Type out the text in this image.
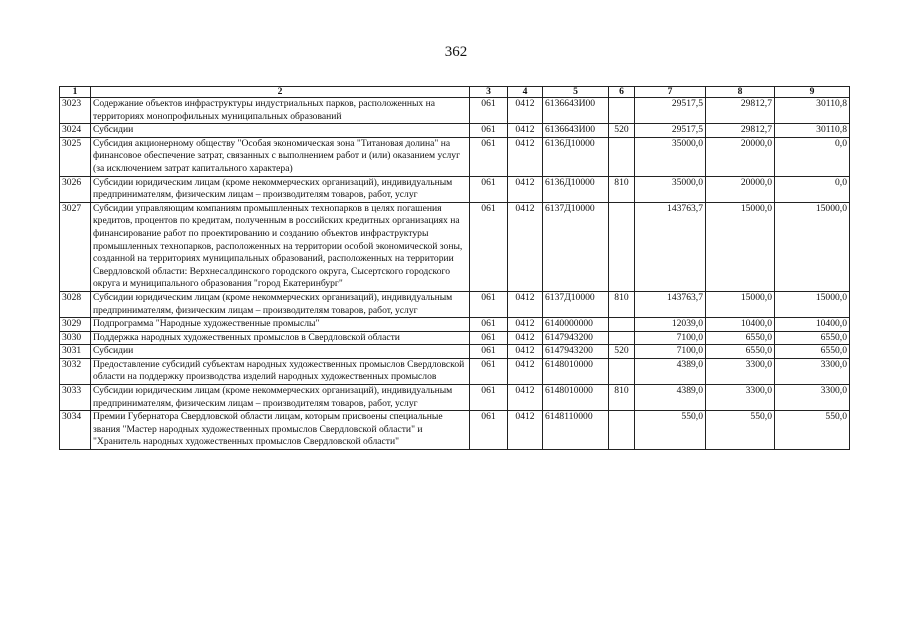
362
1	2	3	4	5	6	7	8	9
3023	Содержание объектов инфраструктуры индустриальных парков, расположенных на территориях монопрофильных муниципальных образований	061	0412	6136643И00		29517,5	29812,7	30110,8
3024	Субсидии	061	0412	6136643И00	520	29517,5	29812,7	30110,8
3025	Субсидия акционерному обществу "Особая экономическая зона "Титановая долина" на финансовое обеспечение затрат, связанных с выполнением работ и (или) оказанием услуг (за исключением затрат капитального характера)	061	0412	6136Д10000		35000,0	20000,0	0,0
3026	Субсидии юридическим лицам (кроме некоммерческих организаций), индивидуальным предпринимателям, физическим лицам – производителям товаров, работ, услуг	061	0412	6136Д10000	810	35000,0	20000,0	0,0
3027	Субсидии управляющим компаниям промышленных технопарков в целях погашения кредитов, процентов по кредитам, полученным в российских кредитных организациях на финансирование работ по проектированию и созданию объектов инфраструктуры промышленных технопарков, расположенных на территории особой экономической зоны, созданной на территориях муниципальных образований, расположенных на территории Свердловской области: Верхнесалдинского городского округа, Сысертского городского округа и муниципального образования "город Екатеринбург"	061	0412	6137Д10000		143763,7	15000,0	15000,0
3028	Субсидии юридическим лицам (кроме некоммерческих организаций), индивидуальным предпринимателям, физическим лицам – производителям товаров, работ, услуг	061	0412	6137Д10000	810	143763,7	15000,0	15000,0
3029	Подпрограмма "Народные художественные промыслы"	061	0412	6140000000		12039,0	10400,0	10400,0
3030	Поддержка народных художественных промыслов в Свердловской области	061	0412	6147943200		7100,0	6550,0	6550,0
3031	Субсидии	061	0412	6147943200	520	7100,0	6550,0	6550,0
3032	Предоставление субсидий субъектам народных художественных промыслов Свердловской области на поддержку производства изделий народных художественных промыслов	061	0412	6148010000		4389,0	3300,0	3300,0
3033	Субсидии юридическим лицам (кроме некоммерческих организаций), индивидуальным предпринимателям, физическим лицам – производителям товаров, работ, услуг	061	0412	6148010000	810	4389,0	3300,0	3300,0
3034	Премии Губернатора Свердловской области лицам, которым присвоены специальные звания "Мастер народных художественных промыслов Свердловской области" и "Хранитель народных художественных промыслов Свердловской области"	061	0412	6148110000		550,0	550,0	550,0
